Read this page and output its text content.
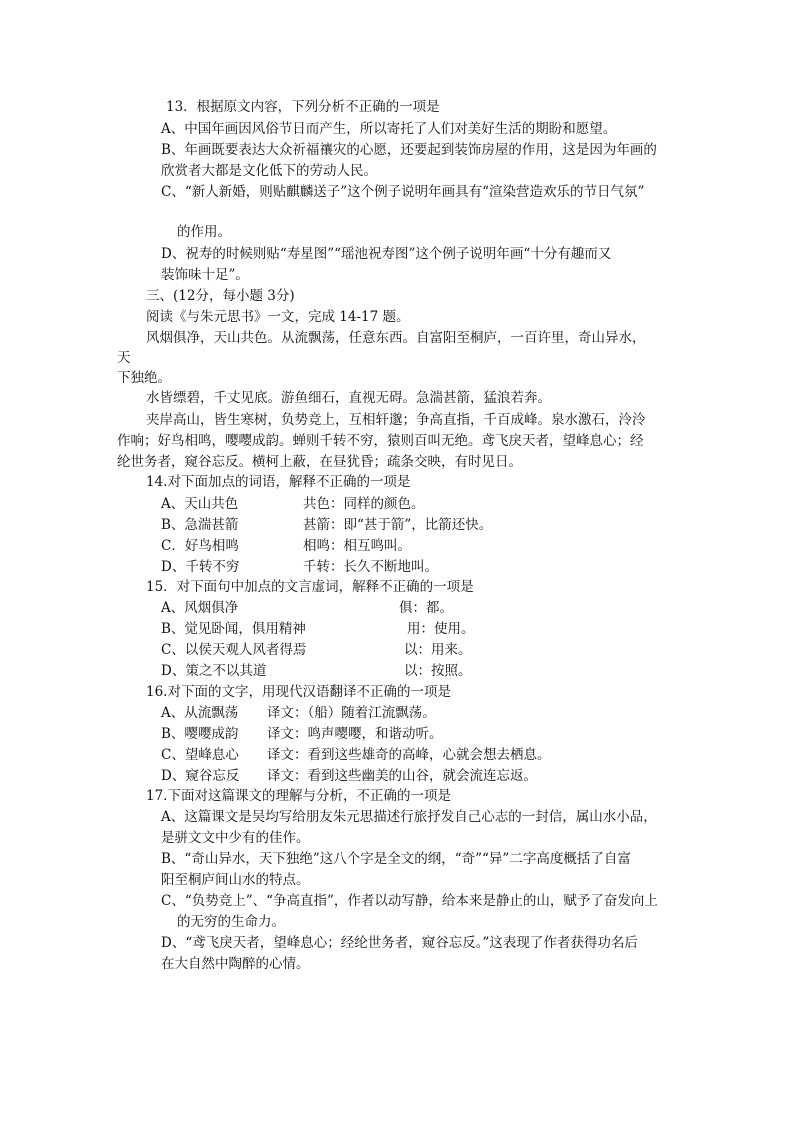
13．根据原文内容，下列分析不正确的一项是
A、中国年画因风俗节日而产生，所以寄托了人们对美好生活的期盼和愿望。
B、年画既要表达大众祈福禳灾的心愿，还要起到装饰房屋的作用，这是因为年画的
欣赏者大都是文化低下的劳动人民。
C、“新人新婚，则贴麒麟送子”这个例子说明年画具有“渲染营造欢乐的节日气氛”
的作用。
D、祝寿的时候则贴“寿星图”“瑶池祝寿图”这个例子说明年画“十分有趣而又
装饰味十足”。
三、(12分，每小题 3分)
阅读《与朱元思书》一文，完成 14-17 题。
风烟俱净，天山共色。从流飘荡，任意东西。自富阳至桐庐，一百许里，奇山异水，
天
下独绝。
水皆缥碧，千丈见底。游鱼细石，直视无碍。急湍甚箭，猛浪若奔。
夹岸高山，皆生寒树，负势竞上，互相轩邈；争高直指，千百成峰。泉水激石，泠泠
作响；好鸟相鸣，嘤嘤成韵。蝉则千转不穷，猿则百叫无绝。鸢飞戾天者，望峰息心；经
纶世务者，窥谷忘反。横柯上蔽，在昼犹昏；疏条交映，有时见日。
14.对下面加点的词语，解释不正确的一项是
A、天山共色	共色：同样的颜色。
B、急湍甚箭	甚箭：即“甚于箭”，比箭还快。
C．好鸟相鸣	相鸣：相互鸣叫。
D、千转不穷	千转：长久不断地叫。
15．对下面句中加点的文言虚词，解释不正确的一项是
A、风烟俱净	俱：都。
B、觉见卧闻，俱用精神	用：使用。
C、以侯天观人风者得焉	以：用来。
D、策之不以其道	以：按照。
16.对下面的文字，用现代汉语翻译不正确的一项是
A、从流飘荡 译文：（船）随着江流飘荡。
B、嘤嘤成韵 译文：鸣声嘤嘤，和谐动听。
C、望峰息心 译文：看到这些雄奇的高峰，心就会想去栖息。
D、窥谷忘反 译文：看到这些幽美的山谷，就会流连忘返。
17.下面对这篇课文的理解与分析，不正确的一项是
A、这篇课文是吴均写给朋友朱元思描述行旅抒发自己心志的一封信，属山水小品，
是骈文文中少有的佳作。
B、“奇山异水，天下独绝”这八个字是全文的纲，“奇”“异”二字高度概括了自富
阳至桐庐间山水的特点。
C、“负势竞上”、“争高直指”，作者以动写静，给本来是静止的山，赋予了奋发向上
的无穷的生命力。
D、“鸢飞戾天者，望峰息心；经纶世务者，窥谷忘反。”这表现了作者获得功名后
在大自然中陶醉的心情。
